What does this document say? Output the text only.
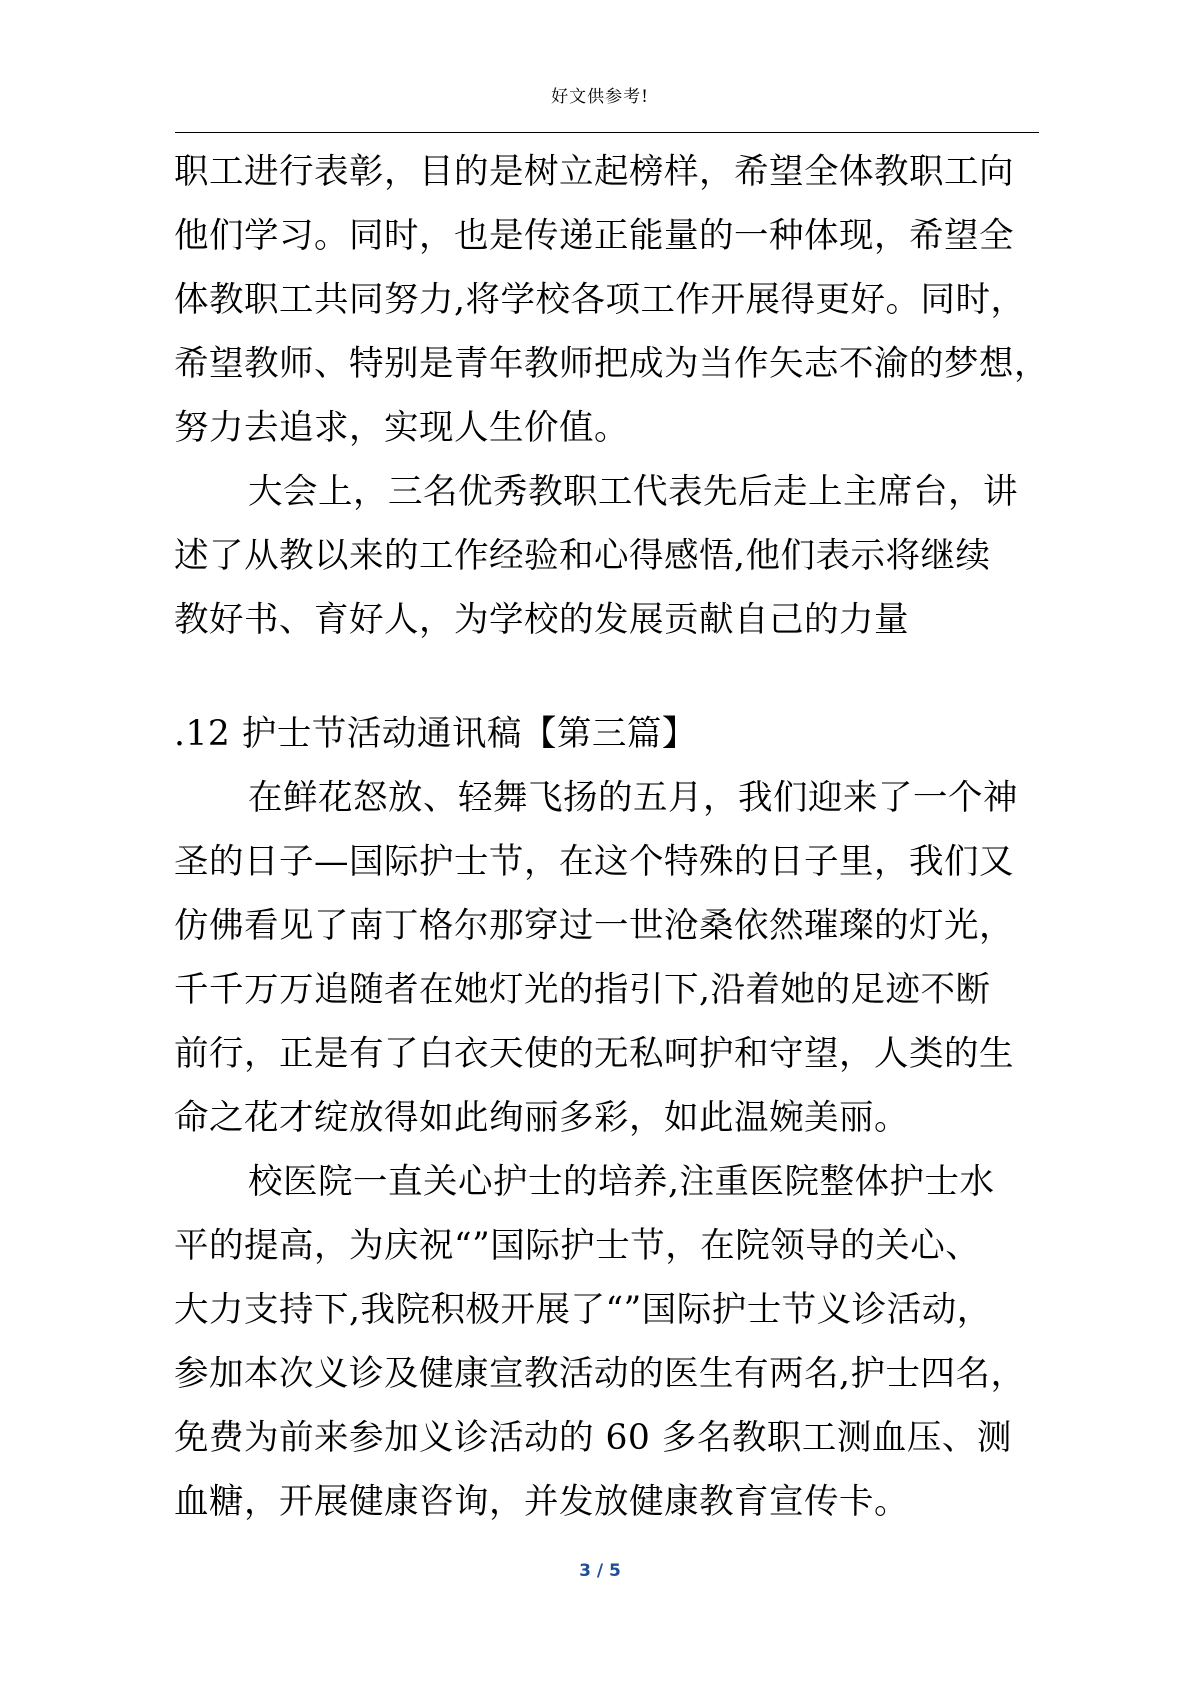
好文供参考!
职工进行表彰，目的是树立起榜样，希望全体教职工向
他们学习。同时，也是传递正能量的一种体现，希望全
体教职工共同努力,将学校各项工作开展得更好。同时，
希望教师、特别是青年教师把成为当作矢志不渝的梦想，
努力去追求，实现人生价值。
大会上，三名优秀教职工代表先后走上主席台，讲
述了从教以来的工作经验和心得感悟,他们表示将继续
教好书、育好人，为学校的发展贡献自己的力量
.12 护士节活动通讯稿【第三篇】
在鲜花怒放、轻舞飞扬的五月，我们迎来了一个神
圣的日子—国际护士节，在这个特殊的日子里，我们又
仿佛看见了南丁格尔那穿过一世沧桑依然璀璨的灯光，
千千万万追随者在她灯光的指引下,沿着她的足迹不断
前行，正是有了白衣天使的无私呵护和守望，人类的生
命之花才绽放得如此绚丽多彩，如此温婉美丽。
校医院一直关心护士的培养,注重医院整体护士水
平的提高，为庆祝“”国际护士节，在院领导的关心、
大力支持下,我院积极开展了“”国际护士节义诊活动，
参加本次义诊及健康宣教活动的医生有两名,护士四名，
免费为前来参加义诊活动的 60 多名教职工测血压、测
血糖，开展健康咨询，并发放健康教育宣传卡。
3 / 5
